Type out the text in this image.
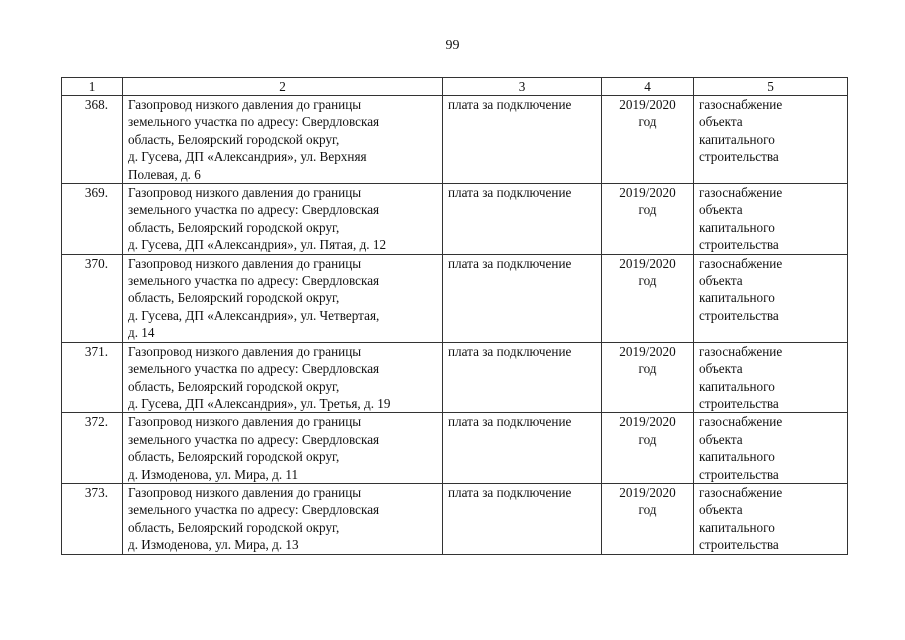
99
1	2	3	4	5
368.	Газопровод низкого давления до границы
земельного участка по адресу: Свердловская
область, Белоярский городской округ,
д. Гусева, ДП «Александрия», ул. Верхняя
Полевая, д. 6	плата за подключение	2019/2020
год	газоснабжение
объекта
капитального
строительства

369.	Газопровод низкого давления до границы
земельного участка по адресу: Свердловская
область, Белоярский городской округ,
д. Гусева, ДП «Александрия», ул. Пятая, д. 12	плата за подключение	2019/2020
год	газоснабжение
объекта
капитального
строительства

370.	Газопровод низкого давления до границы
земельного участка по адресу: Свердловская
область, Белоярский городской округ,
д. Гусева, ДП «Александрия», ул. Четвертая,
д. 14	плата за подключение	2019/2020
год	газоснабжение
объекта
капитального
строительства

371.	Газопровод низкого давления до границы
земельного участка по адресу: Свердловская
область, Белоярский городской округ,
д. Гусева, ДП «Александрия», ул. Третья, д. 19	плата за подключение	2019/2020
год	газоснабжение
объекта
капитального
строительства

372.	Газопровод низкого давления до границы
земельного участка по адресу: Свердловская
область, Белоярский городской округ,
д. Измоденова, ул. Мира, д. 11	плата за подключение	2019/2020
год	газоснабжение
объекта
капитального
строительства

373.	Газопровод низкого давления до границы
земельного участка по адресу: Свердловская
область, Белоярский городской округ,
д. Измоденова, ул. Мира, д. 13	плата за подключение	2019/2020
год	газоснабжение
объекта
капитального
строительства
